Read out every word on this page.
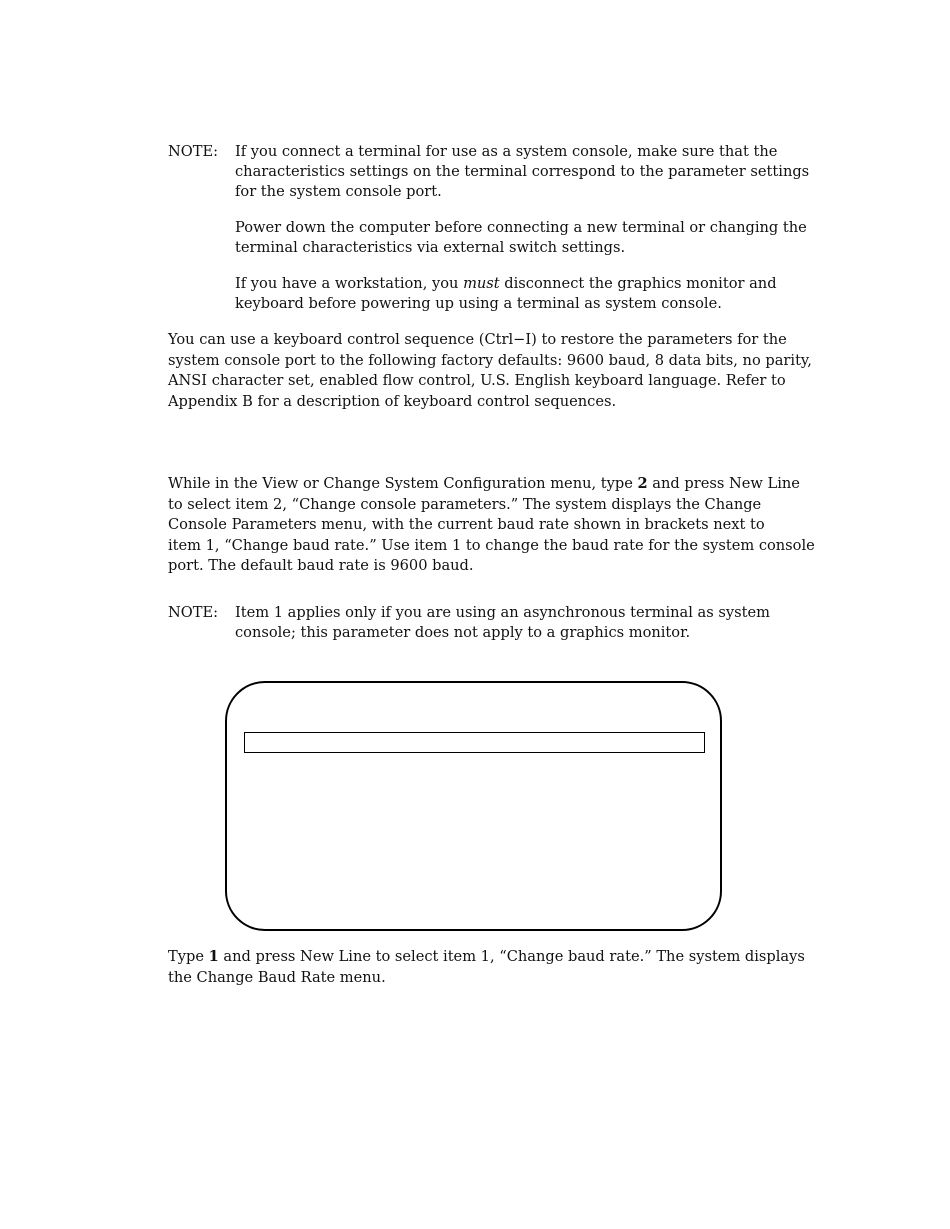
NOTE: If you connect a terminal for use as a system console, make sure that the
characteristics settings on the terminal correspond to the parameter settings
for the system console port.
Power down the computer before connecting a new terminal or changing the
terminal characteristics via external switch settings.
If you have a workstation, you must disconnect the graphics monitor and
keyboard before powering up using a terminal as system console.
You can use a keyboard control sequence (Ctrl−I) to restore the parameters for the
system console port to the following factory defaults: 9600 baud, 8 data bits, no parity,
ANSI character set, enabled flow control, U.S. English keyboard language. Refer to
Appendix B for a description of keyboard control sequences.
While in the View or Change System Configuration menu, type 2 and press New Line
to select item 2, “Change console parameters.” The system displays the Change
Console Parameters menu, with the current baud rate shown in brackets next to
item 1, “Change baud rate.” Use item 1 to change the baud rate for the system console
port. The default baud rate is 9600 baud.
NOTE: Item 1 applies only if you are using an asynchronous terminal as system
console; this parameter does not apply to a graphics monitor.
Type 1 and press New Line to select item 1, “Change baud rate.” The system displays
the Change Baud Rate menu.
